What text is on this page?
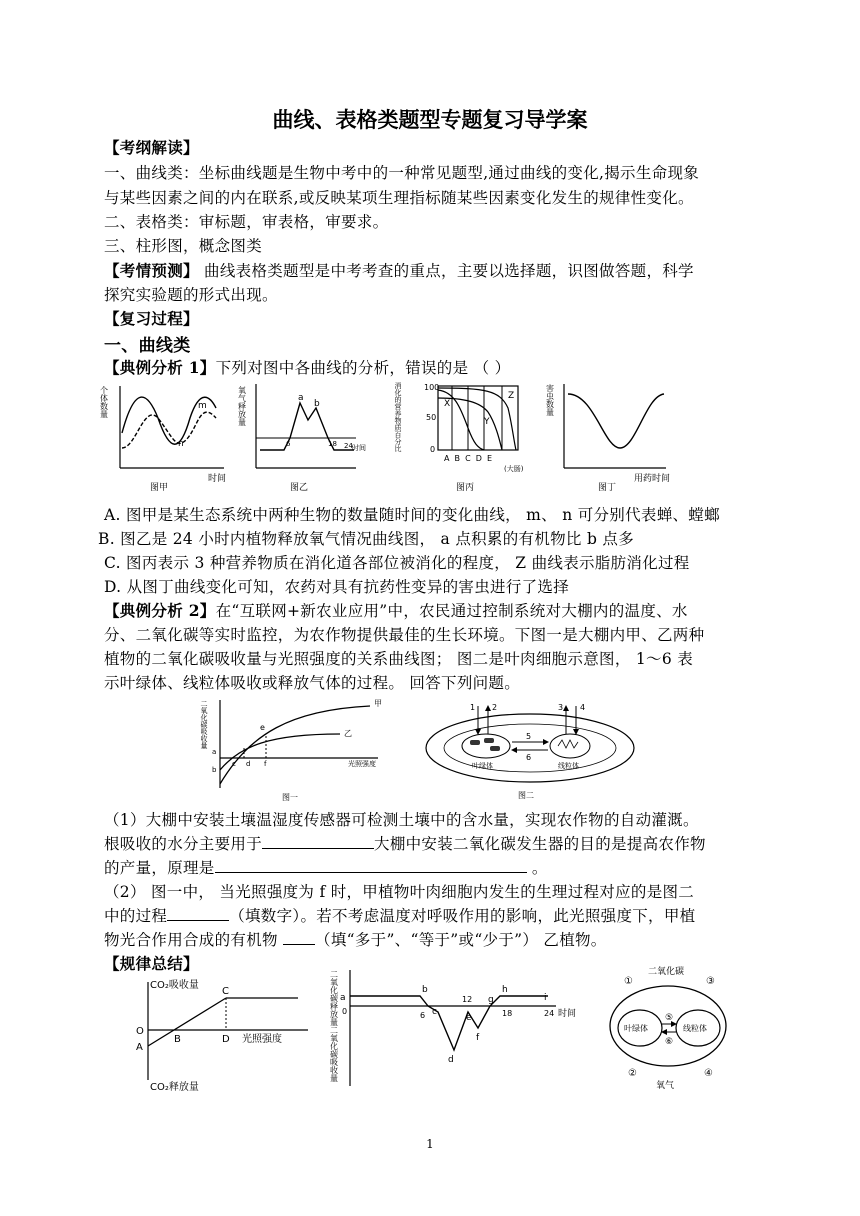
曲线、表格类题型专题复习导学案
【考纲解读】
一、曲线类：坐标曲线题是生物中考中的一种常见题型,通过曲线的变化,揭示生命现象
与某些因素之间的内在联系,或反映某项生理指标随某些因素变化发生的规律性变化。
二、表格类：审标题，审表格，审要求。
三、柱形图，概念图类
【考情预测】 曲线表格类题型是中考考查的重点，主要以选择题，识图做答题，科学
探究实验题的形式出现。
【复习过程】
一、曲线类
【典例分析 1】下列对图中各曲线的分析，错误的是 （ ）
个体数量	m
n
时间
图甲
氧气释放量	a
b
6	18 24 时间
图乙
消化的营养物质百分比	100
50
0
X
Y
Z
A  B  C  D  E
(大肠)
图丙
害虫数量
用药时间
图丁
A. 图甲是某生态系统中两种生物的数量随时间的变化曲线， m、 n 可分别代表蝉、螳螂
B. 图乙是 24 小时内植物释放氧气情况曲线图， a 点积累的有机物比 b 点多
C. 图丙表示 3 种营养物质在消化道各部位被消化的程度， Z 曲线表示脂肪消化过程
D. 从图丁曲线变化可知，农药对具有抗药性变异的害虫进行了选择
【典例分析 2】在“互联网+新农业应用”中，农民通过控制系统对大棚内的温度、水
分、二氧化碳等实时监控，为农作物提供最佳的生长环境。下图一是大棚内甲、乙两种
植物的二氧化碳吸收量与光照强度的关系曲线图； 图二是叶肉细胞示意图， 1～6 表
示叶绿体、线粒体吸收或释放气体的过程。 回答下列问题。
二氧化碳吸收量	甲
乙
e
a
b
c d f	光照强度
图一
1 2	3 4
5
6
叶绿体	线粒体
图二
（1）大棚中安装土壤温湿度传感器可检测土壤中的含水量，实现农作物的自动灌溉。
根吸收的水分主要用于	大棚中安装二氧化碳发生器的目的是提高农作物
的产量，原理是	。
（2） 图一中， 当光照强度为 f 时，甲植物叶肉细胞内发生的生理过程对应的是图二
中的过程	（填数字）。若不考虑温度对呼吸作用的影响，此光照强度下，甲植
物光合作用合成的有机物 （填“多于”、“等于”或“少于”） 乙植物。
【规律总结】
CO₂吸收量
CO₂释放量
O
A
B
C
D 光照强度
二氧化碳释放量
二氧化碳吸收量
a
0
b
6 c
d
12
e
f
g
18
h
i
24 时间
二氧化碳
氧气
叶绿体	线粒体
①
②
③
④
⑤
⑥
1
